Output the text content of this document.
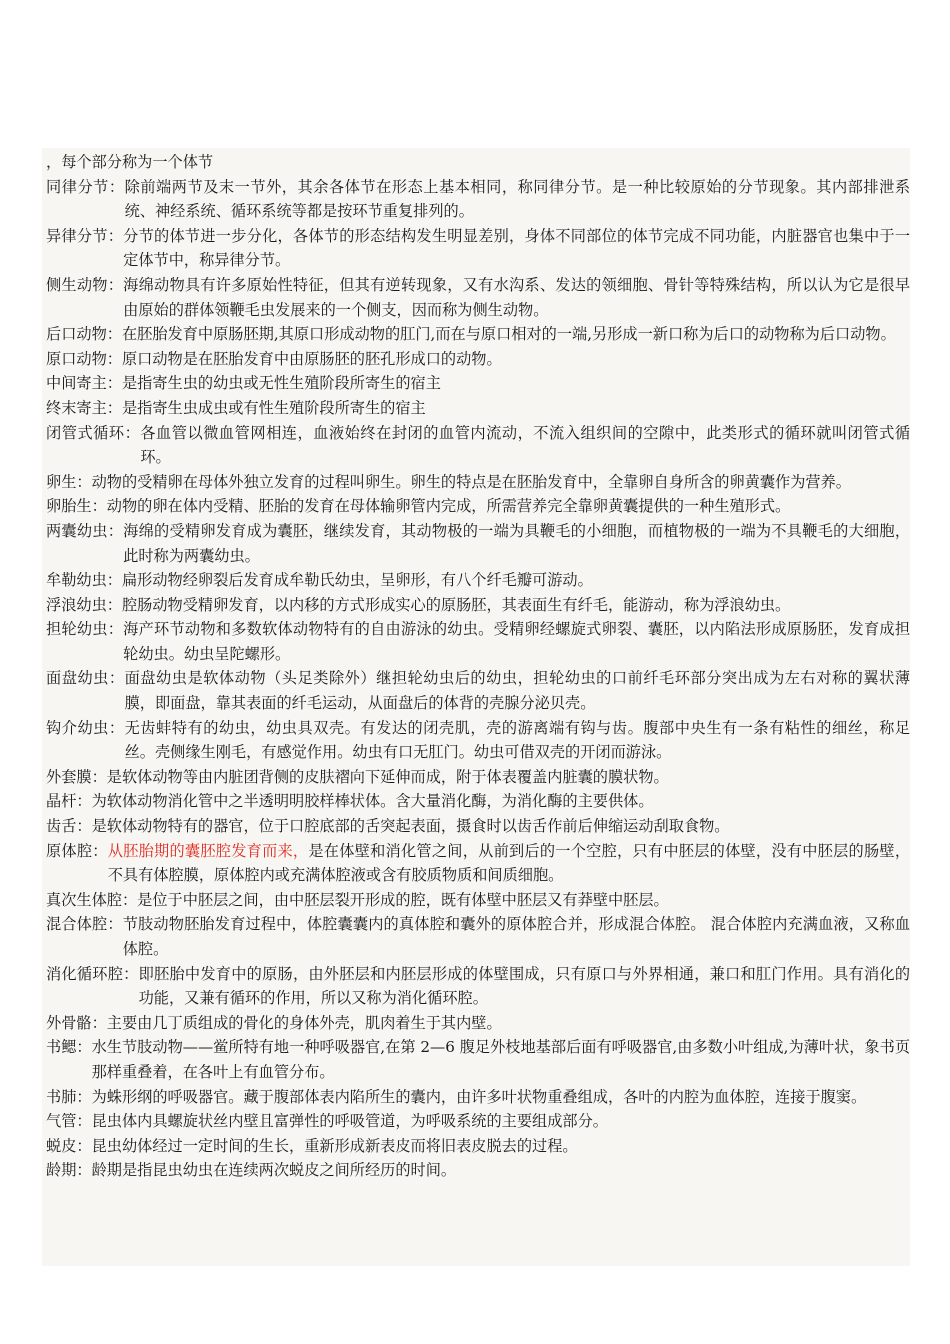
，每个部分称为一个体节

同律分节：除前端两节及末一节外，其余各体节在形态上基本相同，称同律分节。是一种比较原始的分节现象。其内部排泄系统、神经系统、循环系统等都是按环节重复排列的。

异律分节：分节的体节进一步分化，各体节的形态结构发生明显差别，身体不同部位的体节完成不同功能，内脏器官也集中于一定体节中，称异律分节。

侧生动物：海绵动物具有许多原始性特征，但其有逆转现象，又有水沟系、发达的领细胞、骨针等特殊结构，所以认为它是很早由原始的群体领鞭毛虫发展来的一个侧支，因而称为侧生动物。

后口动物：在胚胎发育中原肠胚期,其原口形成动物的肛门,而在与原口相对的一端,另形成一新口称为后口的动物称为后口动物。

原口动物：原口动物是在胚胎发育中由原肠胚的胚孔形成口的动物。

中间寄主：是指寄生虫的幼虫或无性生殖阶段所寄生的宿主

终末寄主：是指寄生虫成虫或有性生殖阶段所寄生的宿主

闭管式循环：各血管以微血管网相连，血液始终在封闭的血管内流动，不流入组织间的空隙中，此类形式的循环就叫闭管式循环。

卵生：动物的受精卵在母体外独立发育的过程叫卵生。卵生的特点是在胚胎发育中，全靠卵自身所含的卵黄囊作为营养。

卵胎生：动物的卵在体内受精、胚胎的发育在母体输卵管内完成，所需营养完全靠卵黄囊提供的一种生殖形式。

两囊幼虫：海绵的受精卵发育成为囊胚，继续发育，其动物极的一端为具鞭毛的小细胞，而植物极的一端为不具鞭毛的大细胞，此时称为两囊幼虫。

牟勒幼虫：扁形动物经卵裂后发育成牟勒氏幼虫，呈卵形，有八个纤毛瓣可游动。

浮浪幼虫：腔肠动物受精卵发育，以内移的方式形成实心的原肠胚，其表面生有纤毛，能游动，称为浮浪幼虫。

担轮幼虫：海产环节动物和多数软体动物特有的自由游泳的幼虫。受精卵经螺旋式卵裂、囊胚，以内陷法形成原肠胚，发育成担轮幼虫。幼虫呈陀螺形。

面盘幼虫：面盘幼虫是软体动物（头足类除外）继担轮幼虫后的幼虫，担轮幼虫的口前纤毛环部分突出成为左右对称的翼状薄膜，即面盘，靠其表面的纤毛运动，从面盘后的体背的壳腺分泌贝壳。

钩介幼虫：无齿蚌特有的幼虫，幼虫具双壳。有发达的闭壳肌，壳的游离端有钩与齿。腹部中央生有一条有粘性的细丝，称足丝。壳侧缘生刚毛，有感觉作用。幼虫有口无肛门。幼虫可借双壳的开闭而游泳。

外套膜：是软体动物等由内脏团背侧的皮肤褶向下延伸而成，附于体表覆盖内脏囊的膜状物。

晶杆：为软体动物消化管中之半透明明胶样棒状体。含大量消化酶，为消化酶的主要供体。

齿舌：是软体动物特有的器官，位于口腔底部的舌突起表面，摄食时以齿舌作前后伸缩运动刮取食物。

原体腔：从胚胎期的囊胚腔发育而来，是在体壁和消化管之间，从前到后的一个空腔，只有中胚层的体壁，没有中胚层的肠壁，不具有体腔膜，原体腔内或充满体腔液或含有胶质物质和间质细胞。

真次生体腔：是位于中胚层之间，由中胚层裂开形成的腔，既有体壁中胚层又有莽壁中胚层。

混合体腔：节肢动物胚胎发育过程中，体腔囊囊内的真体腔和囊外的原体腔合并，形成混合体腔。 混合体腔内充满血液，又称血体腔。

消化循环腔：即胚胎中发育中的原肠，由外胚层和内胚层形成的体壁围成，只有原口与外界相通，兼口和肛门作用。具有消化的功能，又兼有循环的作用，所以又称为消化循环腔。

外骨骼：主要由几丁质组成的骨化的身体外壳，肌肉着生于其内壁。

书鳃：水生节肢动物——鲎所特有地一种呼吸器官,在第 2—6 腹足外枝地基部后面有呼吸器官,由多数小叶组成,为薄叶状，象书页那样重叠着，在各叶上有血管分布。

书肺：为蛛形纲的呼吸器官。藏于腹部体表内陷所生的囊内，由许多叶状物重叠组成，各叶的内腔为血体腔，连接于腹窦。

气管：昆虫体内具螺旋状丝内壁且富弹性的呼吸管道，为呼吸系统的主要组成部分。

蜕皮：昆虫幼体经过一定时间的生长，重新形成新表皮而将旧表皮脱去的过程。

龄期：龄期是指昆虫幼虫在连续两次蜕皮之间所经历的时间。
